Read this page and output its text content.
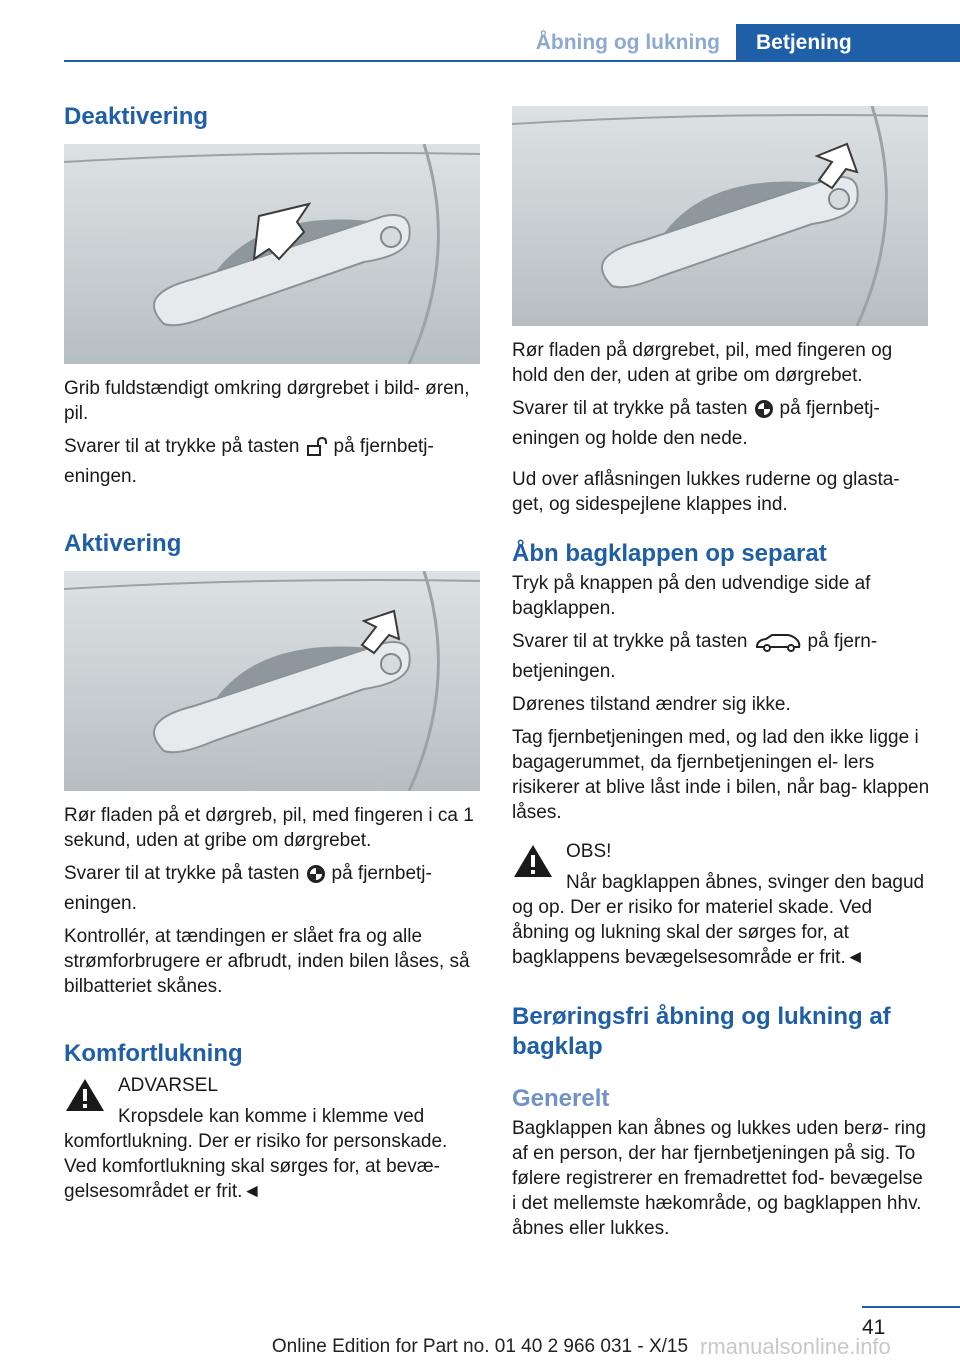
Åbning og lukning	Betjening
Deaktivering

Grib fuldstændigt omkring dørgrebet i bild‐ øren, pil.

Svarer til at trykke på tasten på fjernbetj‐ eningen.

Aktivering

Rør fladen på et dørgreb, pil, med fingeren i ca 1 sekund, uden at gribe om dørgrebet.

Svarer til at trykke på tasten på fjernbetj‐ eningen.

Kontrollér, at tændingen er slået fra og alle strømforbrugere er afbrudt, inden bilen låses, så bilbatteriet skånes.

Komfortlukning

ADVARSEL

Kropsdele kan komme i klemme ved komfortlukning. Der er risiko for personskade. Ved komfortlukning skal sørges for, at bevæ‐ gelsesområdet er frit.◄

Rør fladen på dørgrebet, pil, med fingeren og hold den der, uden at gribe om dørgrebet.

Svarer til at trykke på tasten på fjernbetj‐ eningen og holde den nede.

Ud over aflåsningen lukkes ruderne og glasta‐ get, og sidespejlene klappes ind.

Åbn bagklappen op separat

Tryk på knappen på den udvendige side af bagklappen.

Svarer til at trykke på tasten	på fjern‐ betjeningen.

Dørenes tilstand ændrer sig ikke.

Tag fjernbetjeningen med, og lad den ikke ligge i bagagerummet, da fjernbetjeningen el‐ lers risikerer at blive låst inde i bilen, når bag‐ klappen låses.

OBS!

Når bagklappen åbnes, svinger den bagud og op. Der er risiko for materiel skade. Ved åbning og lukning skal der sørges for, at bagklappens bevægelsesområde er frit.◄

Berøringsfri åbning og lukning af bagklap
Generelt

Bagklappen kan åbnes og lukkes uden berø‐ ring af en person, der har fjernbetjeningen på sig. To følere registrerer en fremadrettet fod‐ bevægelse i det mellemste hækområde, og bagklappen hhv. åbnes eller lukkes.

41
Online Edition for Part no. 01 40 2 966 031 - X/15 rmanualsonline.info
